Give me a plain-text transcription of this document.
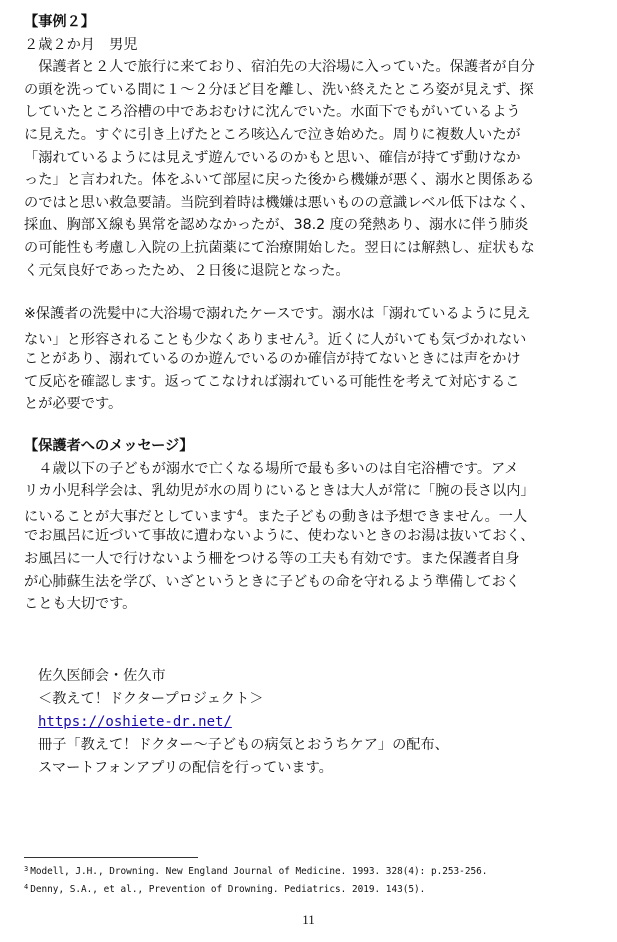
【事例２】
２歳２か月　男児
　保護者と２人で旅行に来ており、宿泊先の大浴場に入っていた。保護者が自分
の頭を洗っている間に１～２分ほど目を離し、洗い終えたところ姿が見えず、探
していたところ浴槽の中であおむけに沈んでいた。水面下でもがいているよう
に見えた。すぐに引き上げたところ咳込んで泣き始めた。周りに複数人いたが
「溺れているようには見えず遊んでいるのかもと思い、確信が持てず動けなか
った」と言われた。体をふいて部屋に戻った後から機嫌が悪く、溺水と関係ある
のではと思い救急要請。当院到着時は機嫌は悪いものの意識レベル低下はなく、
採血、胸部Ｘ線も異常を認めなかったが、38.2 度の発熱あり、溺水に伴う肺炎
の可能性も考慮し入院の上抗菌薬にて治療開始した。翌日には解熱し、症状もな
く元気良好であったため、２日後に退院となった。
※保護者の洗髪中に大浴場で溺れたケースです。溺水は「溺れているように見え
ない」と形容されることも少なくありません$^3$。近くに人がいても気づかれない
ことがあり、溺れているのか遊んでいるのか確信が持てないときには声をかけ
て反応を確認します。返ってこなければ溺れている可能性を考えて対応するこ
とが必要です。
【保護者へのメッセージ】
　４歳以下の子どもが溺水で亡くなる場所で最も多いのは自宅浴槽です。アメ
リカ小児科学会は、乳幼児が水の周りにいるときは大人が常に「腕の長さ以内」
にいることが大事だとしています$^4$。また子どもの動きは予想できません。一人
でお風呂に近づいて事故に遭わないように、使わないときのお湯は抜いておく、
お風呂に一人で行けないよう柵をつける等の工夫も有効です。また保護者自身
が心肺蘇生法を学び、いざというときに子どもの命を守れるよう準備しておく
ことも大切です。
佐久医師会・佐久市
＜教えて！ドクタープロジェクト＞
https://oshiete-dr.net/
冊子「教えて！ドクター～子どもの病気とおうちケア」の配布、
スマートフォンアプリの配信を行っています。
$^3$ Modell, J.H., Drowning. New England Journal of Medicine. 1993. 328(4): p.253-256.
$^4$ Denny, S.A., et al., Prevention of Drowning. Pediatrics. 2019. 143(5).
11
